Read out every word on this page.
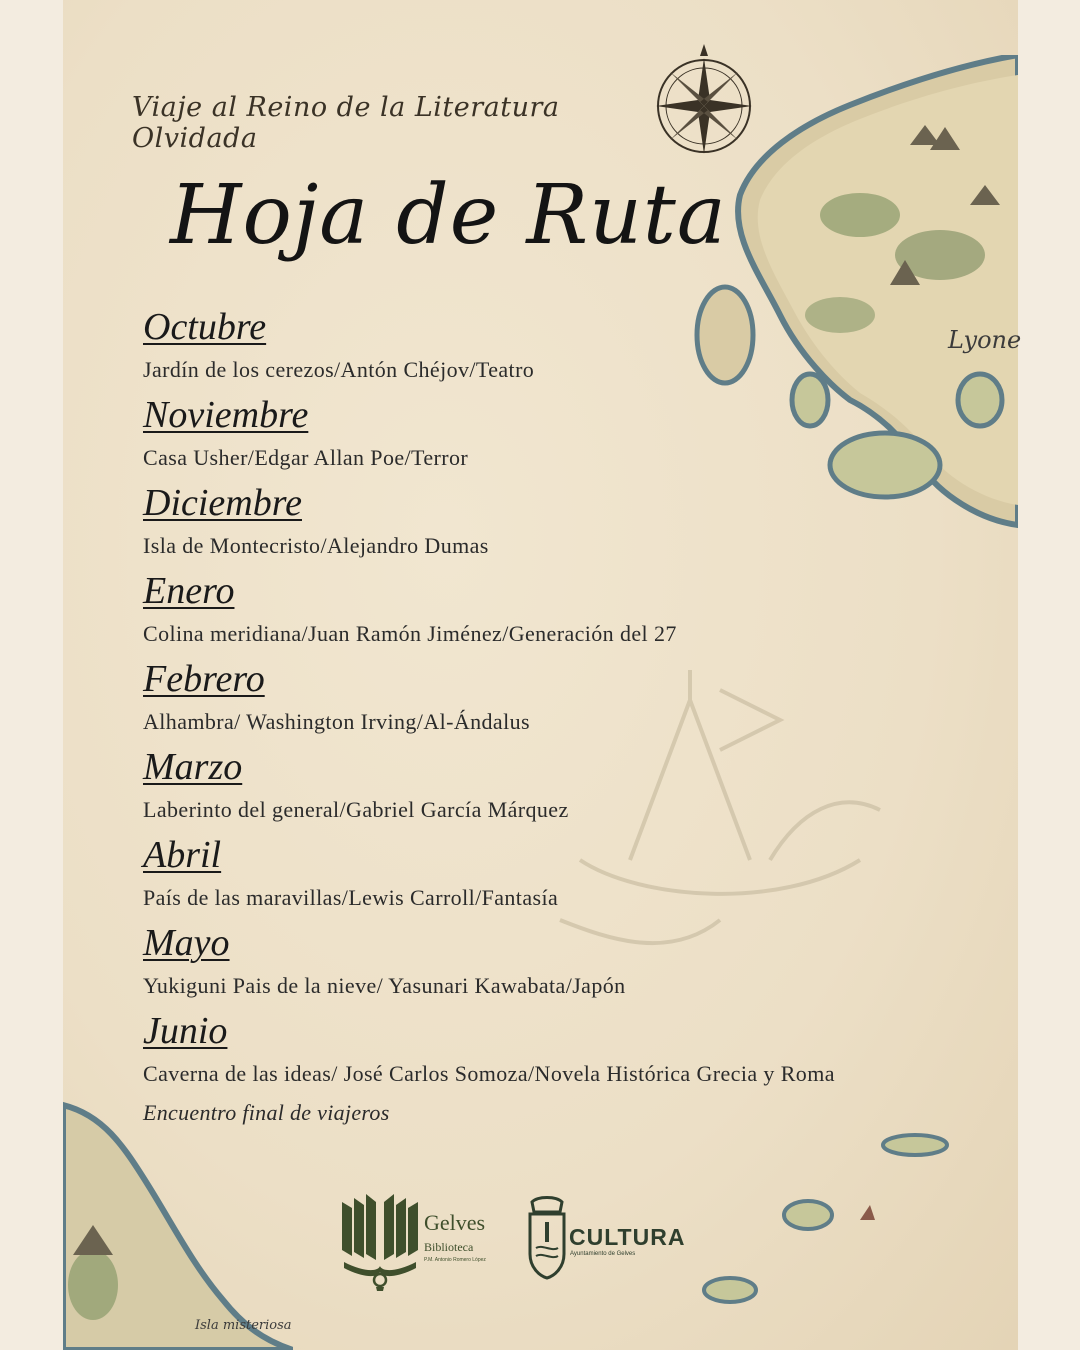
Lyone
Isla misteriosa
Viaje al Reino de la Literatura Olvidada
Hoja de Ruta
Octubre
Jardín de los cerezos/Antón Chéjov/Teatro
Noviembre
Casa Usher/Edgar Allan Poe/Terror
Diciembre
Isla de Montecristo/Alejandro Dumas
Enero
Colina meridiana/Juan Ramón Jiménez/Generación del 27
Febrero
Alhambra/ Washington Irving/Al-Ándalus
Marzo
Laberinto del general/Gabriel García Márquez
Abril
País de las maravillas/Lewis Carroll/Fantasía
Mayo
Yukiguni Pais de la nieve/ Yasunari Kawabata/Japón
Junio
Caverna de las ideas/ José Carlos Somoza/Novela Histórica Grecia y Roma
Encuentro final de viajeros
Gelves
Biblioteca
P.M. Antonio Romero López
CULTURA
Ayuntamiento de Gelves
